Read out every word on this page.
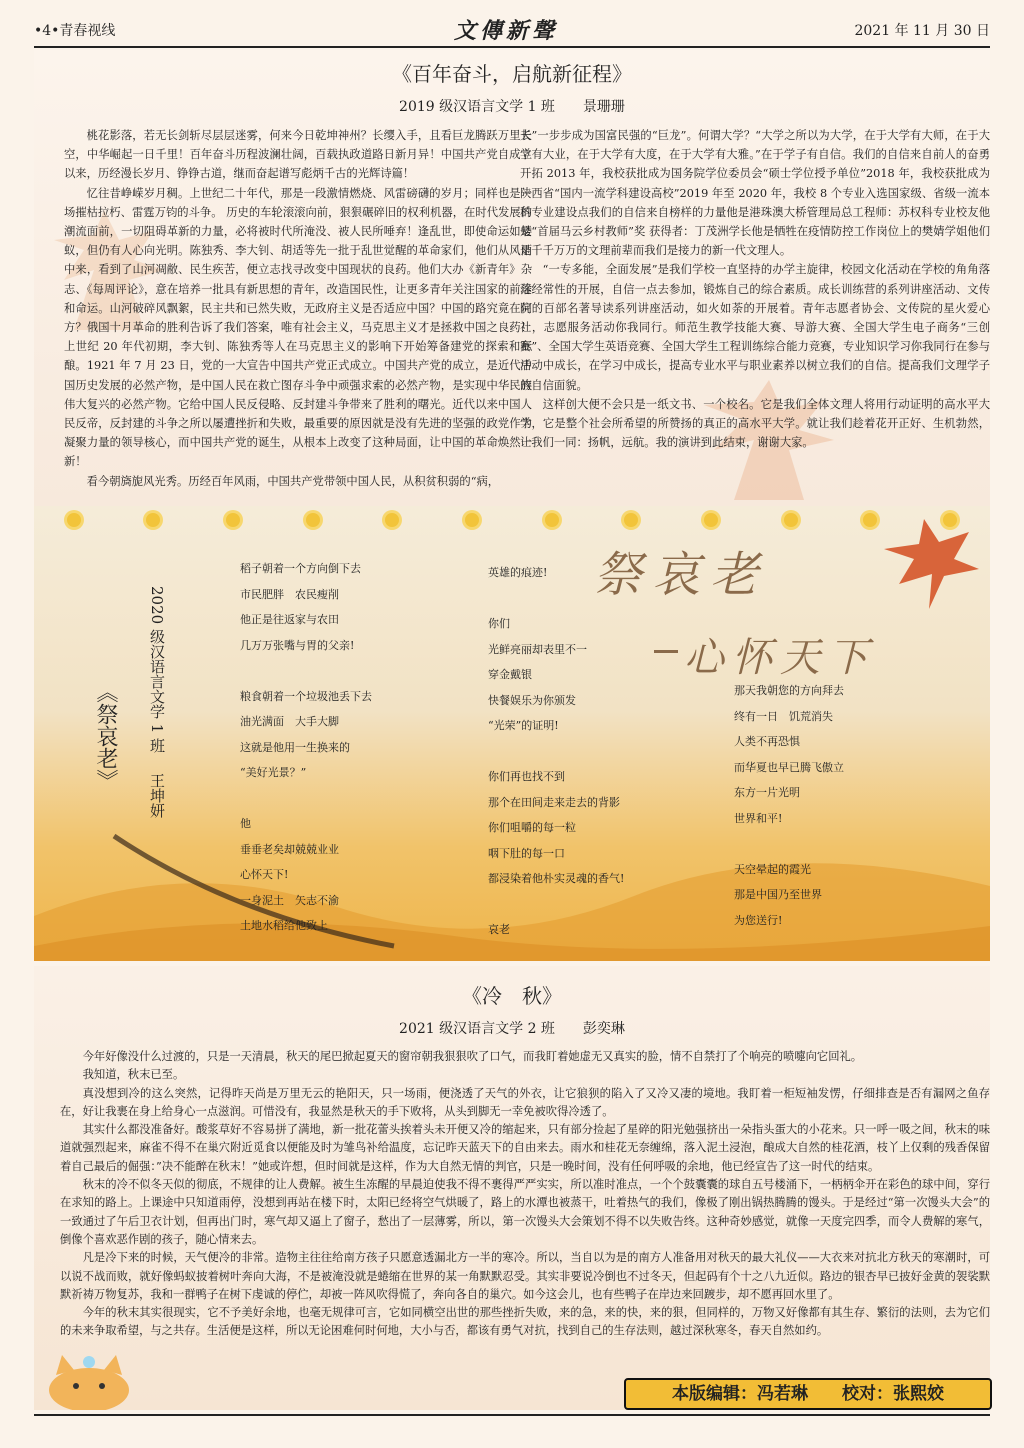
•4•青春视线	文傳新聲	2021 年 11 月 30 日
《百年奋斗，启航新征程》
2019 级汉语言文学 1 班　　景珊珊

桃花影落，若无长剑斩尽层层迷雾，何来今日乾坤神州？长缨入手，且看巨龙腾跃万里长空，中华崛起一日千里！百年奋斗历程波澜壮阔，百载执政道路日新月异！中国共产党自成立以来，历经漫长岁月、铮铮古道，继而奋起谱写彪炳千古的光辉诗篇！

忆往昔峥嵘岁月稠。上世纪二十年代，那是一段激情燃烧、风雷磅礴的岁月；同样也是一场摧枯拉朽、雷霆万钧的斗争。 历史的车轮滚滚向前，狠狠碾碎旧的权利机器，在时代发展的潮流面前，一切阻碍革新的力量，必将被时代所淹没、被人民所唾弃！逢乱世，即使命运如蝼蚁，但仍有人心向光明。陈独秀、李大钊、胡适等先一批于乱世觉醒的革命家们，他们从风雨中来，看到了山河凋敝、民生疾苦，便立志找寻改变中国现状的良药。他们大办《新青年》杂志、《每周评论》，意在培养一批具有新思想的青年，改造国民性，让更多青年关注国家的前途和命运。山河破碎风飘絮，民主共和已然失败，无政府主义是否适应中国？中国的路究竟在何方？俄国十月革命的胜利告诉了我们答案，唯有社会主义，马克思主义才是拯救中国之良药！上世纪 20 年代初期，李大钊、陈独秀等人在马克思主义的影响下开始筹备建党的探索和酝酿。1921 年 7 月 23 日，党的一大宣告中国共产党正式成立。中国共产党的成立，是近代中国历史发展的必然产物，是中国人民在救亡图存斗争中顽强求索的必然产物，是实现中华民族伟大复兴的必然产物。它给中国人民反侵略、反封建斗争带来了胜利的曙光。近代以来中国人民反帝，反封建的斗争之所以屡遭挫折和失败，最重要的原因就是没有先进的坚强的政党作为凝聚力量的领导核心，而中国共产党的诞生，从根本上改变了这种局面，让中国的革命焕然一新！

看今朝旖旎风光秀。历经百年风雨，中国共产党带领中国人民，从积贫积弱的“病，

夫”一步步成为国富民强的“巨龙”。何谓大学？“大学之所以为大学，在于大学有大师，在于大学有大业，在于大学有大度，在于大学有大雅。”在于学子有自信。我们的自信来自前人的奋勇开拓 2013 年，我校获批成为国务院学位委员会“硕士学位授予单位”2018 年，我校获批成为陕西省“国内一流学科建设高校”2019 年至 2020 年，我校 8 个专业入选国家级、省级一流本科专业建设点我们的自信来自榜样的力量他是港珠澳大桥管理局总工程师：苏权科专业校友他是“首届马云乡村教师”奖 获得者：丁茂洲学长他是牺牲在疫情防控工作岗位上的樊婧学姐他们是千千万万的文理前辈而我们是接力的新一代文理人。

“一专多能，全面发展”是我们学校一直坚持的办学主旋律，校园文化活动在学校的角角落落经常性的开展，自信一点去参加，锻炼自己的综合素质。成长训练营的系列讲座活动、文传院的百部名著导读系列讲座活动，如火如荼的开展着。青年志愿者协会、文传院的星火爱心社，志愿服务活动你我同行。师范生教学技能大赛、导游大赛、全国大学生电子商务“三创赛”、全国大学生英语竞赛、全国大学生工程训练综合能力竞赛，专业知识学习你我同行在参与活动中成长，在学习中成长，提高专业水平与职业素养以树立我们的自信。提高我们文理学子的自信面貌。

这样创大便不会只是一纸文书、一个校名。它是我们全体文理人将用行动证明的高水平大学，它是整个社会所希望的所赞扬的真正的高水平大学。就让我们趁着花开正好、生机勃然，让我们一同：扬帆，远航。我的演讲到此结束，谢谢大家。

祭哀老
心怀天下
《祭哀老》 2020 级汉语言文学 1 班　 王坤妍
稻子朝着一个方向倒下去
市民肥胖　农民瘦削
他正是往返家与农田
几万万张嘴与胃的父亲!
粮食朝着一个垃圾池丢下去
油光满面　大手大脚
这就是他用一生换来的
“美好光景？”
他
垂垂老矣却兢兢业业
心怀天下!
一身泥土　矢志不渝
土地水稻给他致上
英雄的痕迹!
你们
光鲜亮丽却表里不一
穿金戴银
快餐娱乐为你颁发
“光荣”的证明!
你们再也找不到
那个在田间走来走去的背影
你们咀嚼的每一粒
咽下肚的每一口
都浸染着他朴实灵魂的香气!
哀老
那天我朝您的方向拜去
终有一日　饥荒消失
人类不再恐惧
而华夏也早已腾飞傲立
东方一片光明
世界和平!
天空晕起的霞光
那是中国乃至世界
为您送行!
《冷　秋》
2021 级汉语言文学 2 班　　彭奕琳

今年好像没什么过渡的，只是一天清晨，秋天的尾巴掀起夏天的窗帘朝我狠狠吹了口气，而我盯着她虚无又真实的脸，情不自禁打了个响亮的喷嚏向它回礼。

我知道，秋末已至。

真没想到冷的这么突然，记得昨天尚是万里无云的艳阳天，只一场雨，便浇透了天气的外衣，让它狼狈的陷入了又冷又凄的境地。我盯着一柜短袖发愣，仔细排查是否有漏网之鱼存在，好让我裹在身上给身心一点滋润。可惜没有，我显然是秋天的手下败将，从头到脚无一幸免被吹得冷透了。

其实什么都没准备好。酸浆草好不容易拼了满地，新一批花蕾头挨着头未开便又冷的缩起来，只有部分捡起了星碎的阳光勉强挤出一朵指头蛋大的小花来。只一呼一吸之间，秋末的味道就强烈起来，麻雀不得不在巢穴附近觅食以便能及时为雏鸟补给温度，忘记昨天蓝天下的自由来去。雨水和桂花无奈缠绵，落入泥土浸泡，酿成大自然的桂花酒，枝丫上仅剩的残香保留着自己最后的倔强：”决不能醉在秋末！”她或许想，但时间就是这样，作为大自然无情的判官，只是一晚时间，没有任何呼吸的余地，他已经宣告了这一时代的结束。

秋末的冷不似冬天似的彻底，不规律的让人费解。被生生冻醒的早晨迫使我不得不裹得严严实实，所以准时准点，一个个鼓囊囊的球自五号楼涌下，一柄柄伞开在彩色的球中间，穿行在求知的路上。上课途中只知道雨停，没想到再站在楼下时，太阳已经将空气烘暖了，路上的水潭也被蒸干，吐着热气的我们，像极了刚出锅热腾腾的馒头。于是经过“第一次馒头大会”的一致通过了午后卫衣计划，但再出门时，寒气却又逼上了窗子，愁出了一层薄雾，所以，第一次馒头大会策划不得不以失败告终。这种奇妙感觉，就像一天度完四季，而令人费解的寒气，倒像个喜欢恶作剧的孩子，随心情来去。

凡是冷下来的时候，天气便冷的非常。造物主往往给南方孩子只愿意透漏北方一半的寒冷。所以，当自以为是的南方人准备用对秋天的最大礼仪——大衣来对抗北方秋天的寒潮时，可以说不战而败，就好像蚂蚁披着树叶奔向大海，不是被淹没就是蜷缩在世界的某一角默默忍受。其实非要说冷倒也不过冬天，但起码有个十之八九近似。路边的银杏早已披好金黄的袈裟默默祈祷万物复苏，我和一群鸭子在树下虔诚的停伫，却被一阵风吹得慌了，奔向各自的巢穴。如今这会儿，也有些鸭子在岸边来回踱步，却不愿再回水里了。

今年的秋末其实很现实，它不予美好余地，也毫无规律可言，它如同横空出世的那些挫折失败，来的急，来的快，来的狠，但同样的，万物又好像都有其生存、繁衍的法则，去为它们的未来争取希望，与之共存。生活便是这样，所以无论困难何时何地，大小与否，都该有勇气对抗，找到自己的生存法则，越过深秋寒冬，春天自然如约。

本版编辑：冯若琳　　校对：张熙姣
